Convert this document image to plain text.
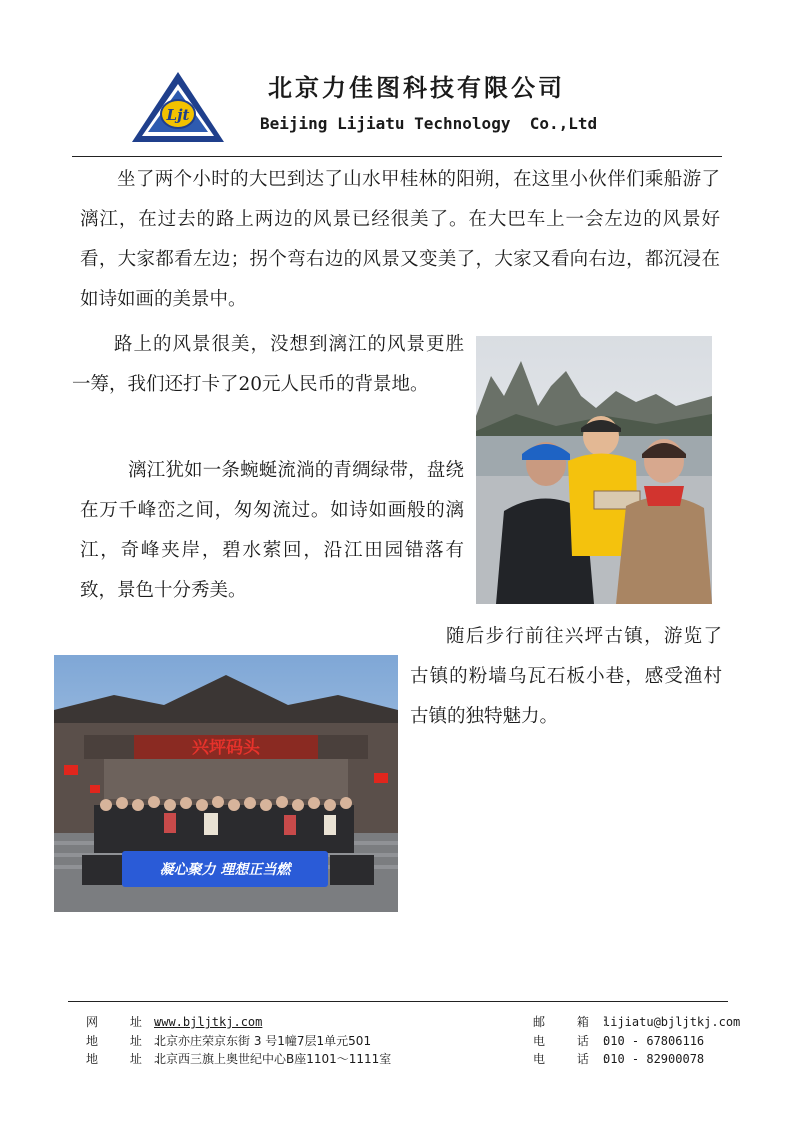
Ljt
北京力佳图科技有限公司
Beijing Lijiatu Technology  Co.,Ltd
坐了两个小时的大巴到达了山水甲桂林的阳朔，在这里小伙伴们乘船游了漓江，在过去的路上两边的风景已经很美了。在大巴车上一会左边的风景好看，大家都看左边；拐个弯右边的风景又变美了，大家又看向右边，都沉浸在如诗如画的美景中。
路上的风景很美，没想到漓江的风景更胜一筹，我们还打卡了20元人民币的背景地。
漓江犹如一条蜿蜒流淌的青绸绿带，盘绕在万千峰峦之间，匆匆流过。如诗如画般的漓江，奇峰夹岸，碧水萦回，沿江田园错落有致，景色十分秀美。
随后步行前往兴坪古镇，游览了古镇的粉墙乌瓦石板小巷，感受渔村古镇的独特魅力。
兴坪码头
凝心聚力 理想正当燃
网 址:www.bjljtkj.com
地 址:北京亦庄荣京东街 3 号1幢7层1单元501
地 址:北京西三旗上奥世纪中心B座1101～1111室
邮 箱:lijiatu@bjljtkj.com
电 话:010 - 67806116
电 话:010 - 82900078
